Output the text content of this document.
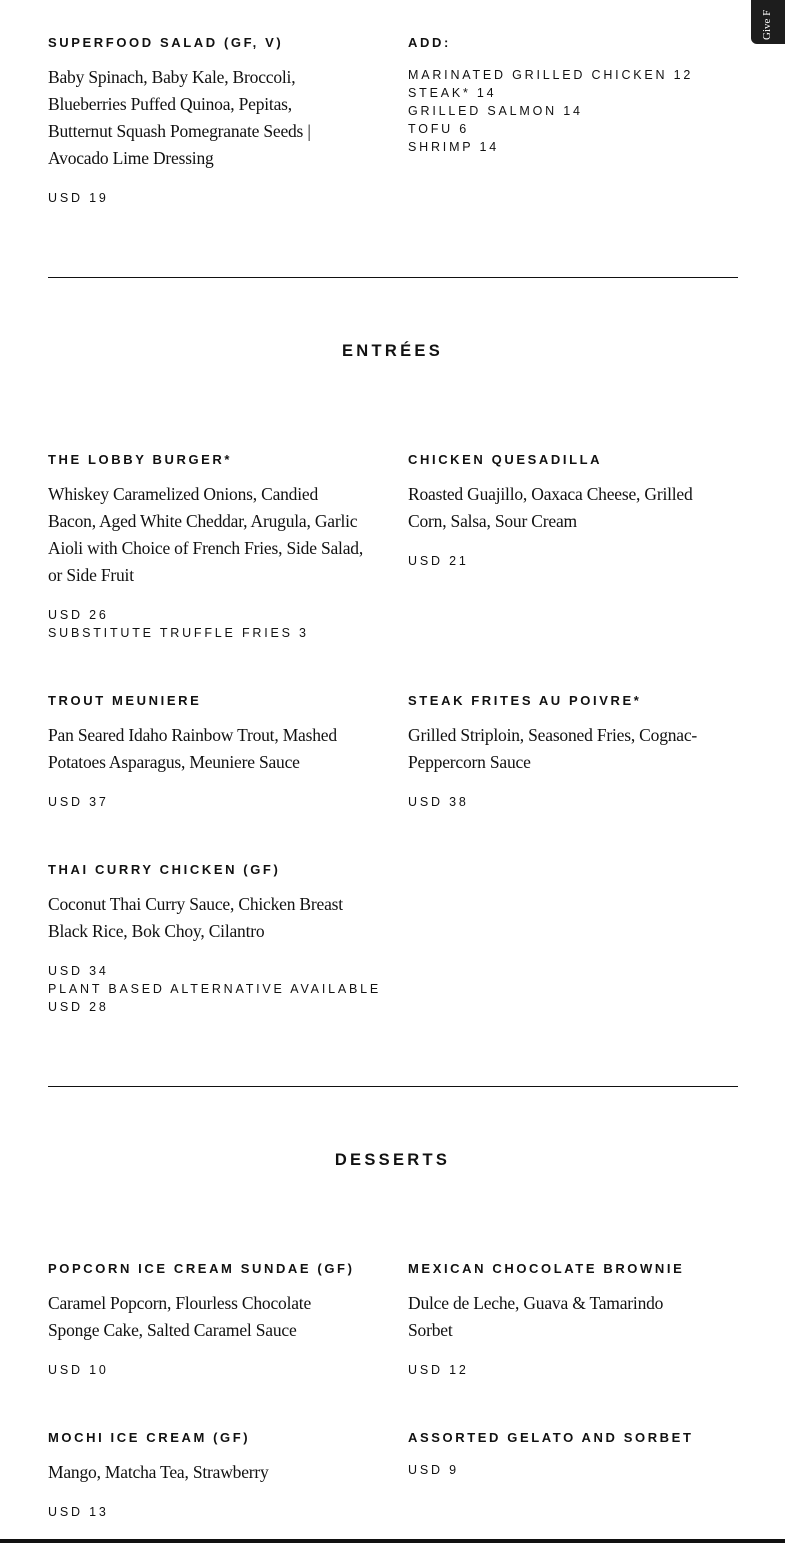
Give F
SUPERFOOD SALAD (GF, V)
Baby Spinach, Baby Kale, Broccoli, Blueberries Puffed Quinoa, Pepitas, Butternut Squash Pomegranate Seeds | Avocado Lime Dressing
USD 19
ADD:
MARINATED GRILLED CHICKEN 12
STEAK* 14
GRILLED SALMON 14
TOFU 6
SHRIMP 14
ENTRÉES
THE LOBBY BURGER*
Whiskey Caramelized Onions, Candied Bacon, Aged White Cheddar, Arugula, Garlic Aioli with Choice of French Fries, Side Salad, or Side Fruit
USD 26
SUBSTITUTE TRUFFLE FRIES 3
CHICKEN QUESADILLA
Roasted Guajillo, Oaxaca Cheese, Grilled Corn, Salsa, Sour Cream
USD 21
TROUT MEUNIERE
Pan Seared Idaho Rainbow Trout, Mashed Potatoes Asparagus, Meuniere Sauce
USD 37
STEAK FRITES AU POIVRE*
Grilled Striploin, Seasoned Fries, Cognac-Peppercorn Sauce
USD 38
THAI CURRY CHICKEN (GF)
Coconut Thai Curry Sauce, Chicken Breast Black Rice, Bok Choy, Cilantro
USD 34
PLANT BASED ALTERNATIVE AVAILABLE
USD 28
DESSERTS
POPCORN ICE CREAM SUNDAE (GF)
Caramel Popcorn, Flourless Chocolate Sponge Cake, Salted Caramel Sauce
USD 10
MEXICAN CHOCOLATE BROWNIE
Dulce de Leche, Guava & Tamarindo Sorbet
USD 12
MOCHI ICE CREAM (GF)
Mango, Matcha Tea, Strawberry
USD 13
ASSORTED GELATO AND SORBET
USD 9
